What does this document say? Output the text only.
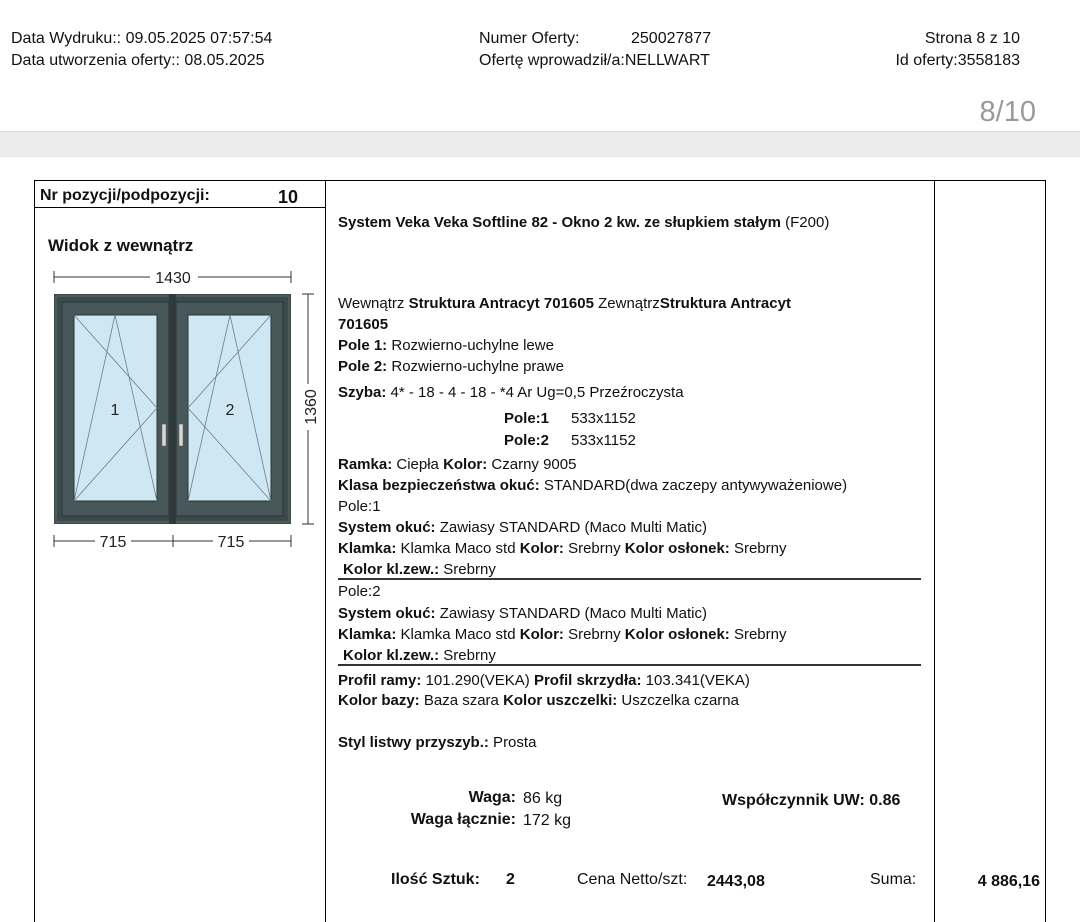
Data Wydruku:: 09.05.2025 07:57:54
Data utworzenia oferty:: 08.05.2025
Numer Oferty:	250027877
Ofertę wprowadził/a:NELLWART
Strona 8 z 10
Id oferty:3558183
8/10
Nr pozycji/podpozycji:	10
Widok z wewnątrz
1430
1360
1	2
715	715
System Veka Veka Softline 82 - Okno 2 kw. ze słupkiem stałym (F200)
Wewnątrz Struktura Antracyt 701605 ZewnątrzStruktura Antracyt
701605
Pole 1: Rozwierno-uchylne lewe
Pole 2: Rozwierno-uchylne prawe
Szyba: 4* - 18 - 4 - 18 - *4 Ar Ug=0,5 Przeźroczysta
Pole:1 533x1152
Pole:2 533x1152
Ramka: Ciepła Kolor: Czarny 9005
Klasa bezpieczeństwa okuć: STANDARD(dwa zaczepy antywyważeniowe)
Pole:1
System okuć: Zawiasy STANDARD (Maco Multi Matic)
Klamka: Klamka Maco std Kolor: Srebrny Kolor osłonek: Srebrny
Kolor kl.zew.: Srebrny
Pole:2
System okuć: Zawiasy STANDARD (Maco Multi Matic)
Klamka: Klamka Maco std Kolor: Srebrny Kolor osłonek: Srebrny
Kolor kl.zew.: Srebrny
Profil ramy: 101.290(VEKA) Profil skrzydła: 103.341(VEKA)
Kolor bazy: Baza szara Kolor uszczelki: Uszczelka czarna
Styl listwy przyszyb.: Prosta
Waga: 86 kg
Waga łącznie: 172 kg
Współczynnik UW: 0.86
Ilość Sztuk: 2	Cena Netto/szt: 2443,08	Suma:	4 886,16
